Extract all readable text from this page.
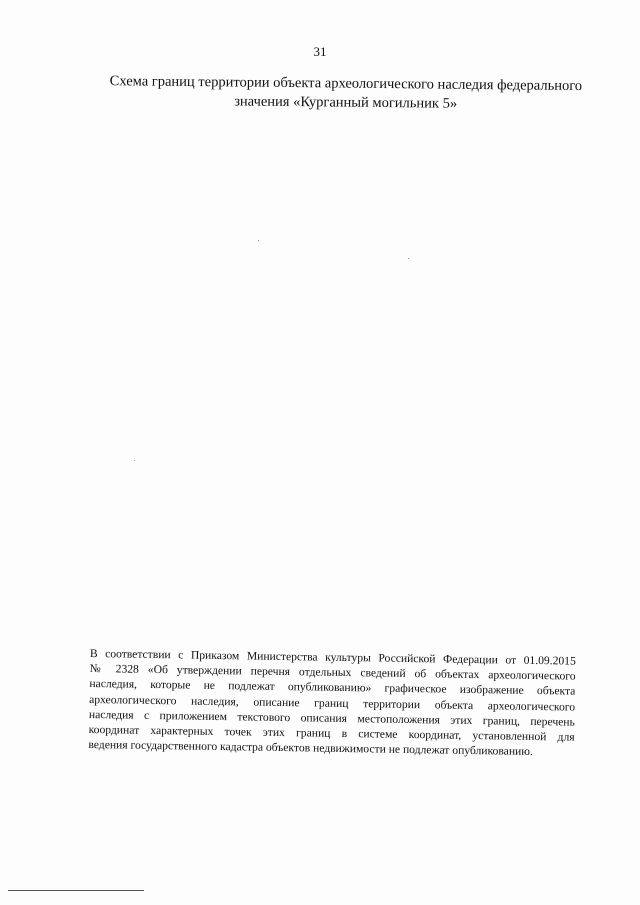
31
Схема границ территории объекта археологического наследия федерального
значения «Курганный могильник 5»
В соответствии с Приказом Министерства культуры Российской Федерации от 01.09.2015
№ 2328 «Об утверждении перечня отдельных сведений об объектах археологического
наследия, которые не подлежат опубликованию» графическое изображение объекта
археологического наследия, описание границ территории объекта археологического
наследия с приложением текстового описания местоположения этих границ, перечень
координат характерных точек этих границ в системе координат, установленной для
ведения государственного кадастра объектов недвижимости не подлежат опубликованию.
